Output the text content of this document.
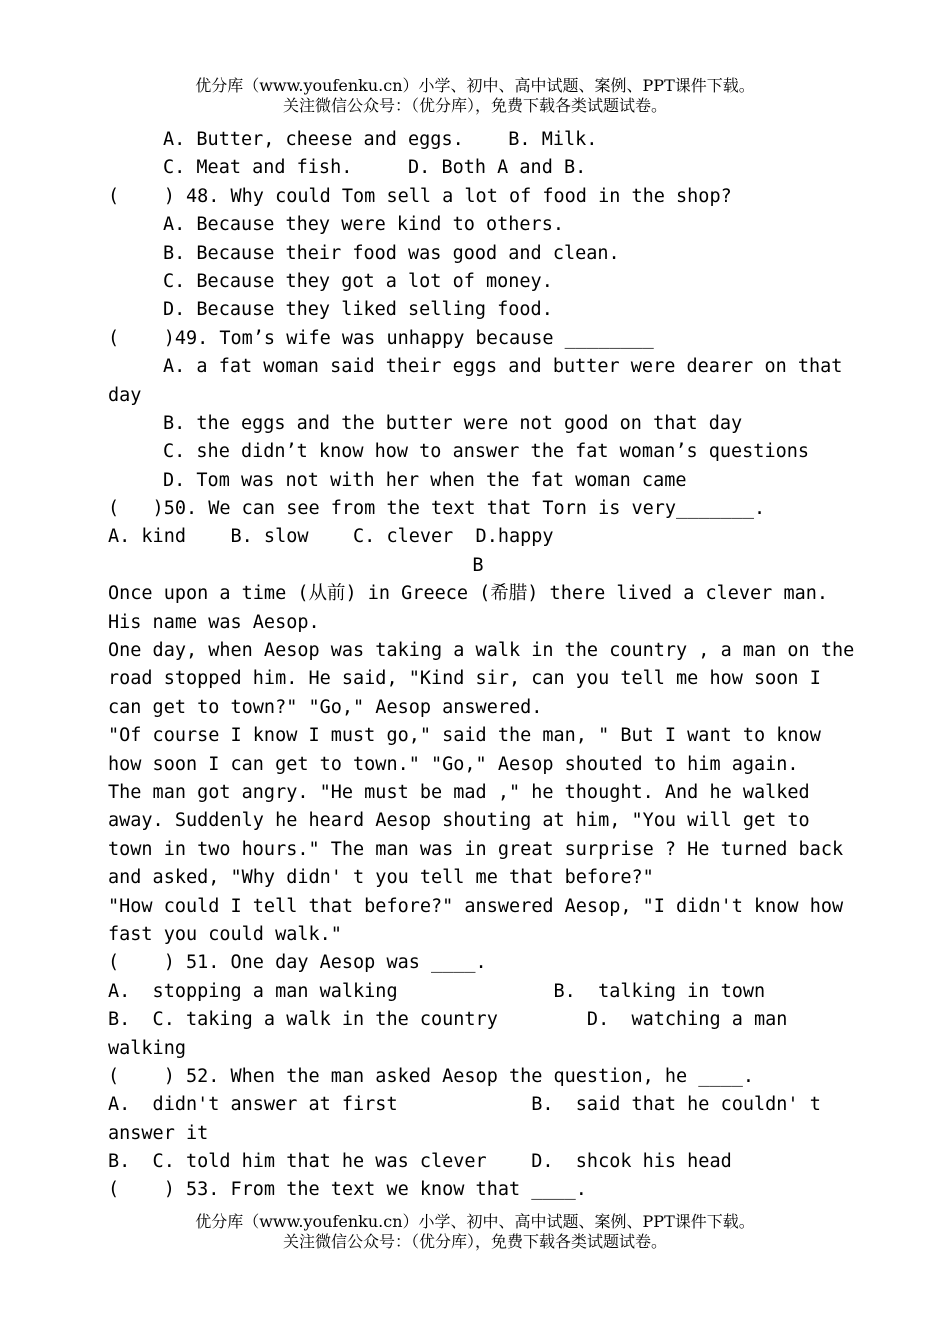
优分库（www.youfenku.cn）小学、初中、高中试题、案例、PPT课件下载。
关注微信公众号：（优分库），免费下载各类试题试卷。
A. Butter, cheese and eggs.    B. Milk.
C. Meat and fish.     D. Both A and B.
(    ) 48. Why could Tom sell a lot of food in the shop?
A. Because they were kind to others.
B. Because their food was good and clean.
C. Because they got a lot of money.
D. Because they liked selling food.
(    )49. Tom’s wife was unhappy because ________
A. a fat woman said their eggs and butter were dearer on that
day
B. the eggs and the butter were not good on that day
C. she didn’t know how to answer the fat woman’s questions
D. Tom was not with her when the fat woman came
(   )50. We can see from the text that Torn is very_______.
A. kind    B. slow    C. clever  D.happy
B
Once upon a time (从前) in Greece (希腊) there lived a clever man.
His name was Aesop.
One day, when Aesop was taking a walk in the country , a man on the
road stopped him. He said, "Kind sir, can you tell me how soon I
can get to town?" "Go," Aesop answered.
"Of course I know I must go," said the man, " But I want to know
how soon I can get to town." "Go," Aesop shouted to him again.
The man got angry. "He must be mad ," he thought. And he walked
away. Suddenly he heard Aesop shouting at him, "You will get to
town in two hours." The man was in great surprise ? He turned back
and asked, "Why didn' t you tell me that before?"
"How could I tell that before?" answered Aesop, "I didn't know how
fast you could walk."
(    ) 51. One day Aesop was ____.
A.  stopping a man walking              B.  talking in town
B.  C. taking a walk in the country        D.  watching a man
walking
(    ) 52. When the man asked Aesop the question, he ____.
A.  didn't answer at first            B.  said that he couldn' t
answer it
B.  C. told him that he was clever    D.  shcok his head
(    ) 53. From the text we know that ____.
优分库（www.youfenku.cn）小学、初中、高中试题、案例、PPT课件下载。
关注微信公众号：（优分库），免费下载各类试题试卷。
